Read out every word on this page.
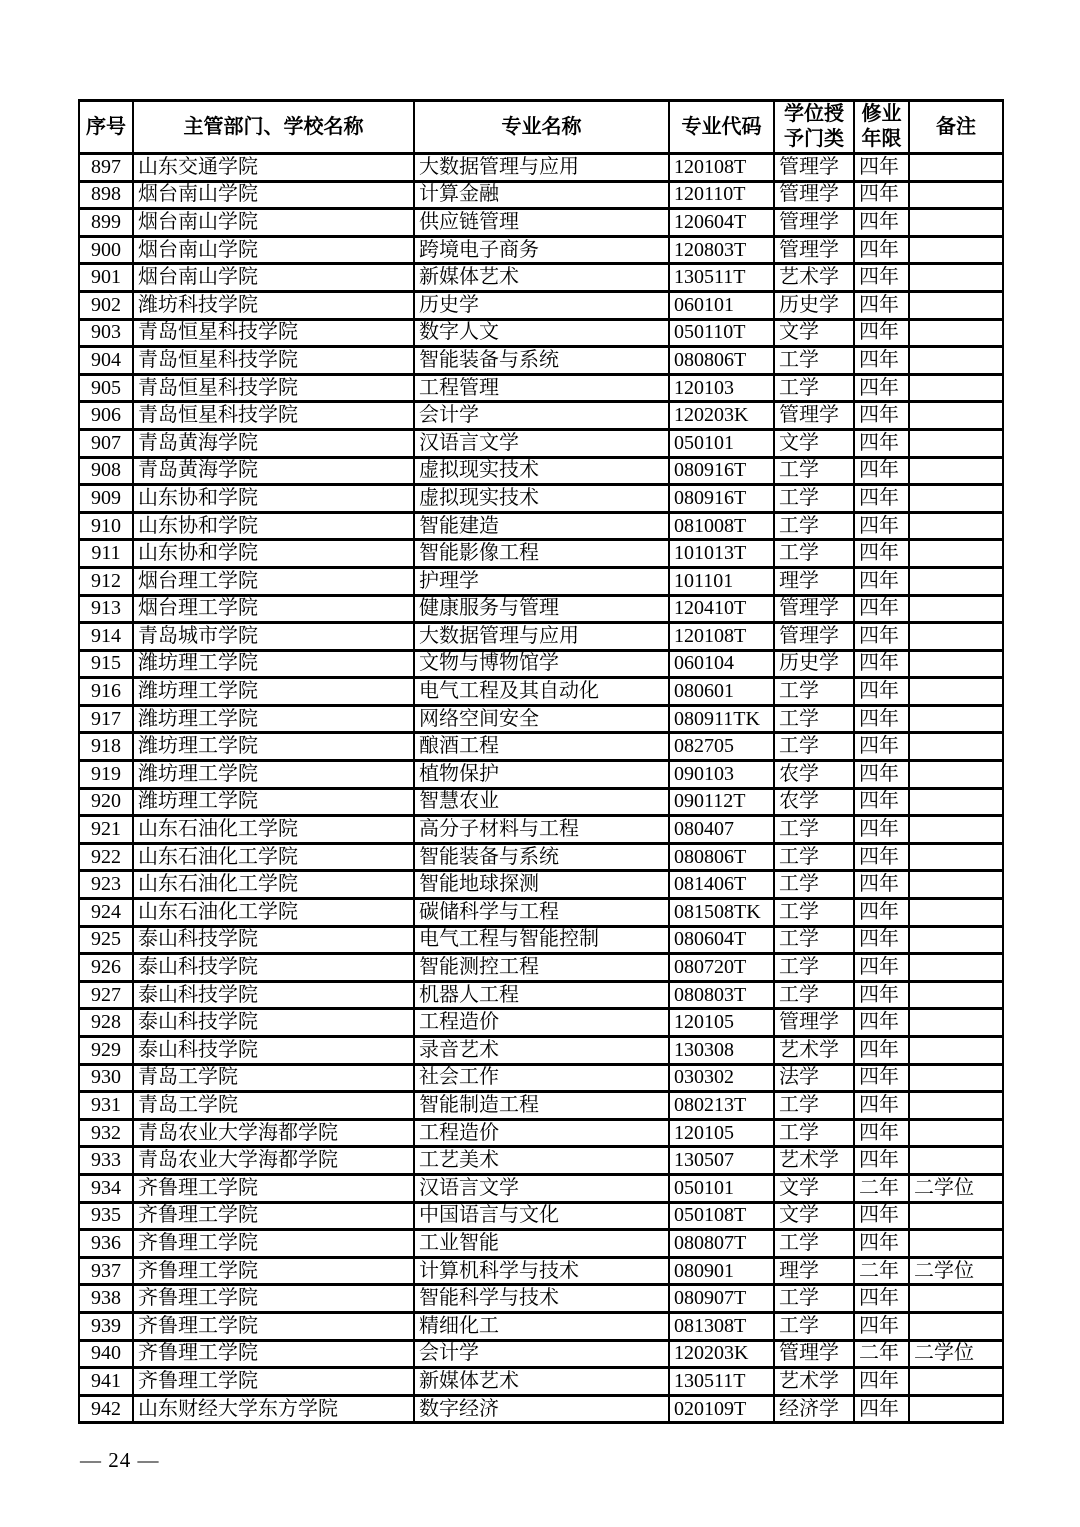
序号	主管部门、学校名称	专业名称	专业代码	学位授予门类	修业年限	备注
897	山东交通学院	大数据管理与应用	120108T	管理学	四年	
898	烟台南山学院	计算金融	120110T	管理学	四年	
899	烟台南山学院	供应链管理	120604T	管理学	四年	
900	烟台南山学院	跨境电子商务	120803T	管理学	四年	
901	烟台南山学院	新媒体艺术	130511T	艺术学	四年	
902	潍坊科技学院	历史学	060101	历史学	四年	
903	青岛恒星科技学院	数字人文	050110T	文学	四年	
904	青岛恒星科技学院	智能装备与系统	080806T	工学	四年	
905	青岛恒星科技学院	工程管理	120103	工学	四年	
906	青岛恒星科技学院	会计学	120203K	管理学	四年	
907	青岛黄海学院	汉语言文学	050101	文学	四年	
908	青岛黄海学院	虚拟现实技术	080916T	工学	四年	
909	山东协和学院	虚拟现实技术	080916T	工学	四年	
910	山东协和学院	智能建造	081008T	工学	四年	
911	山东协和学院	智能影像工程	101013T	工学	四年	
912	烟台理工学院	护理学	101101	理学	四年	
913	烟台理工学院	健康服务与管理	120410T	管理学	四年	
914	青岛城市学院	大数据管理与应用	120108T	管理学	四年	
915	潍坊理工学院	文物与博物馆学	060104	历史学	四年	
916	潍坊理工学院	电气工程及其自动化	080601	工学	四年	
917	潍坊理工学院	网络空间安全	080911TK	工学	四年	
918	潍坊理工学院	酿酒工程	082705	工学	四年	
919	潍坊理工学院	植物保护	090103	农学	四年	
920	潍坊理工学院	智慧农业	090112T	农学	四年	
921	山东石油化工学院	高分子材料与工程	080407	工学	四年	
922	山东石油化工学院	智能装备与系统	080806T	工学	四年	
923	山东石油化工学院	智能地球探测	081406T	工学	四年	
924	山东石油化工学院	碳储科学与工程	081508TK	工学	四年	
925	泰山科技学院	电气工程与智能控制	080604T	工学	四年	
926	泰山科技学院	智能测控工程	080720T	工学	四年	
927	泰山科技学院	机器人工程	080803T	工学	四年	
928	泰山科技学院	工程造价	120105	管理学	四年	
929	泰山科技学院	录音艺术	130308	艺术学	四年	
930	青岛工学院	社会工作	030302	法学	四年	
931	青岛工学院	智能制造工程	080213T	工学	四年	
932	青岛农业大学海都学院	工程造价	120105	工学	四年	
933	青岛农业大学海都学院	工艺美术	130507	艺术学	四年	
934	齐鲁理工学院	汉语言文学	050101	文学	二年	二学位
935	齐鲁理工学院	中国语言与文化	050108T	文学	四年	
936	齐鲁理工学院	工业智能	080807T	工学	四年	
937	齐鲁理工学院	计算机科学与技术	080901	理学	二年	二学位
938	齐鲁理工学院	智能科学与技术	080907T	工学	四年	
939	齐鲁理工学院	精细化工	081308T	工学	四年	
940	齐鲁理工学院	会计学	120203K	管理学	二年	二学位
941	齐鲁理工学院	新媒体艺术	130511T	艺术学	四年	
942	山东财经大学东方学院	数字经济	020109T	经济学	四年	
— 24 —
